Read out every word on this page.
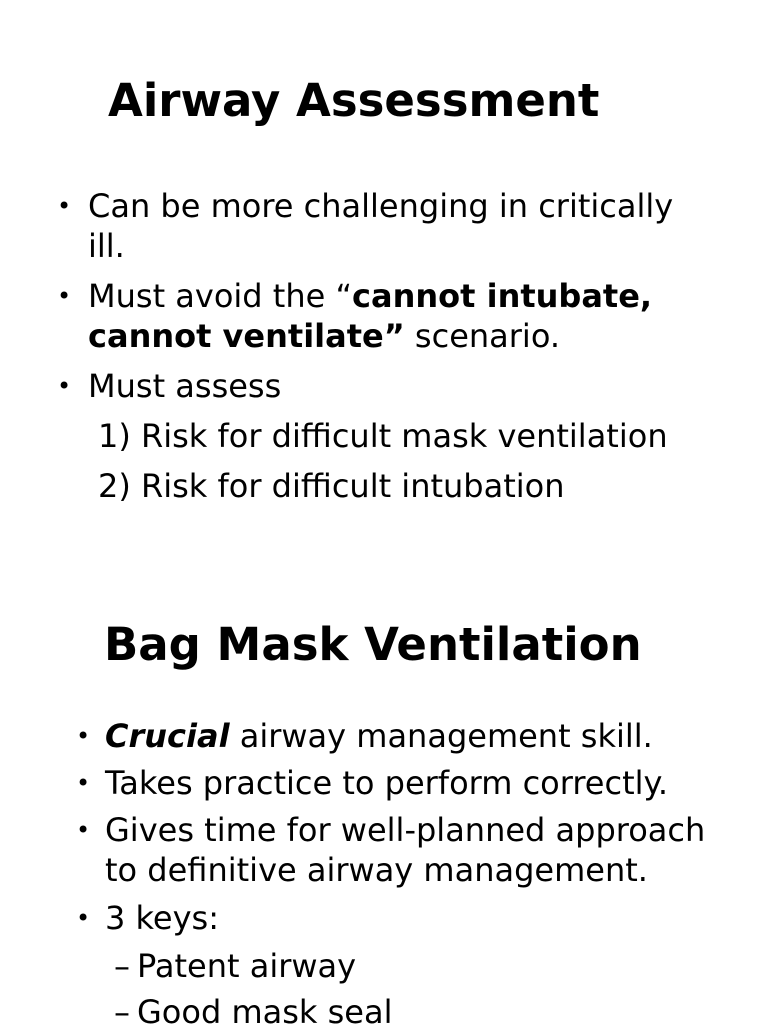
Airway Assessment
• Can be more challenging in critically
ill.
• Must avoid the “cannot intubate,
cannot ventilate” scenario.
• Must assess
1) Risk for difficult mask ventilation
2) Risk for difficult intubation
Bag Mask Ventilation
• Crucial airway management skill.
• Takes practice to perform correctly.
• Gives time for well-planned approach
to definitive airway management.
• 3 keys:
– Patent airway
– Good mask seal
